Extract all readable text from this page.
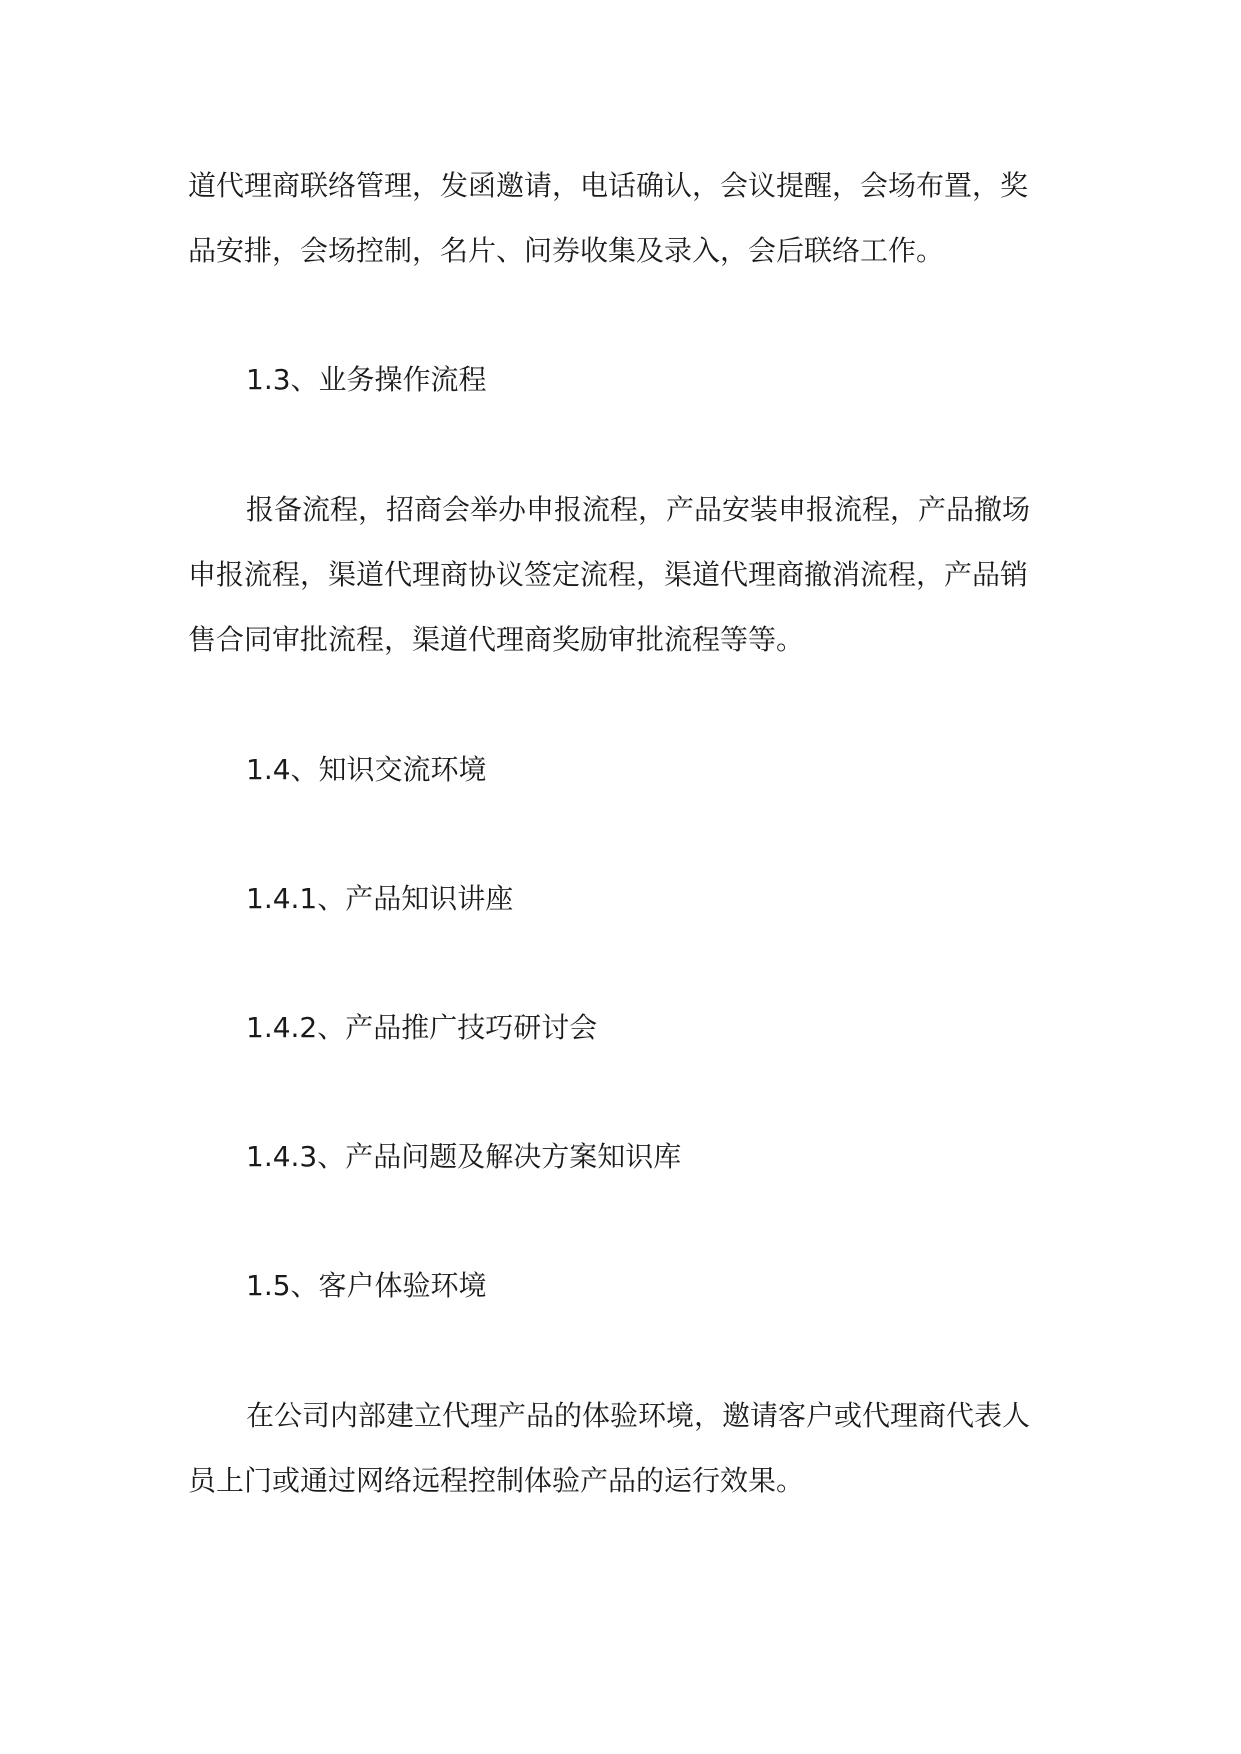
道代理商联络管理，发函邀请，电话确认，会议提醒，会场布置，奖

品安排，会场控制，名片、问券收集及录入，会后联络工作。

1.3、业务操作流程

报备流程，招商会举办申报流程，产品安装申报流程，产品撤场

申报流程，渠道代理商协议签定流程，渠道代理商撤消流程，产品销

售合同审批流程，渠道代理商奖励审批流程等等。

1.4、知识交流环境

1.4.1、产品知识讲座

1.4.2、产品推广技巧研讨会

1.4.3、产品问题及解决方案知识库

1.5、客户体验环境

在公司内部建立代理产品的体验环境，邀请客户或代理商代表人

员上门或通过网络远程控制体验产品的运行效果。
